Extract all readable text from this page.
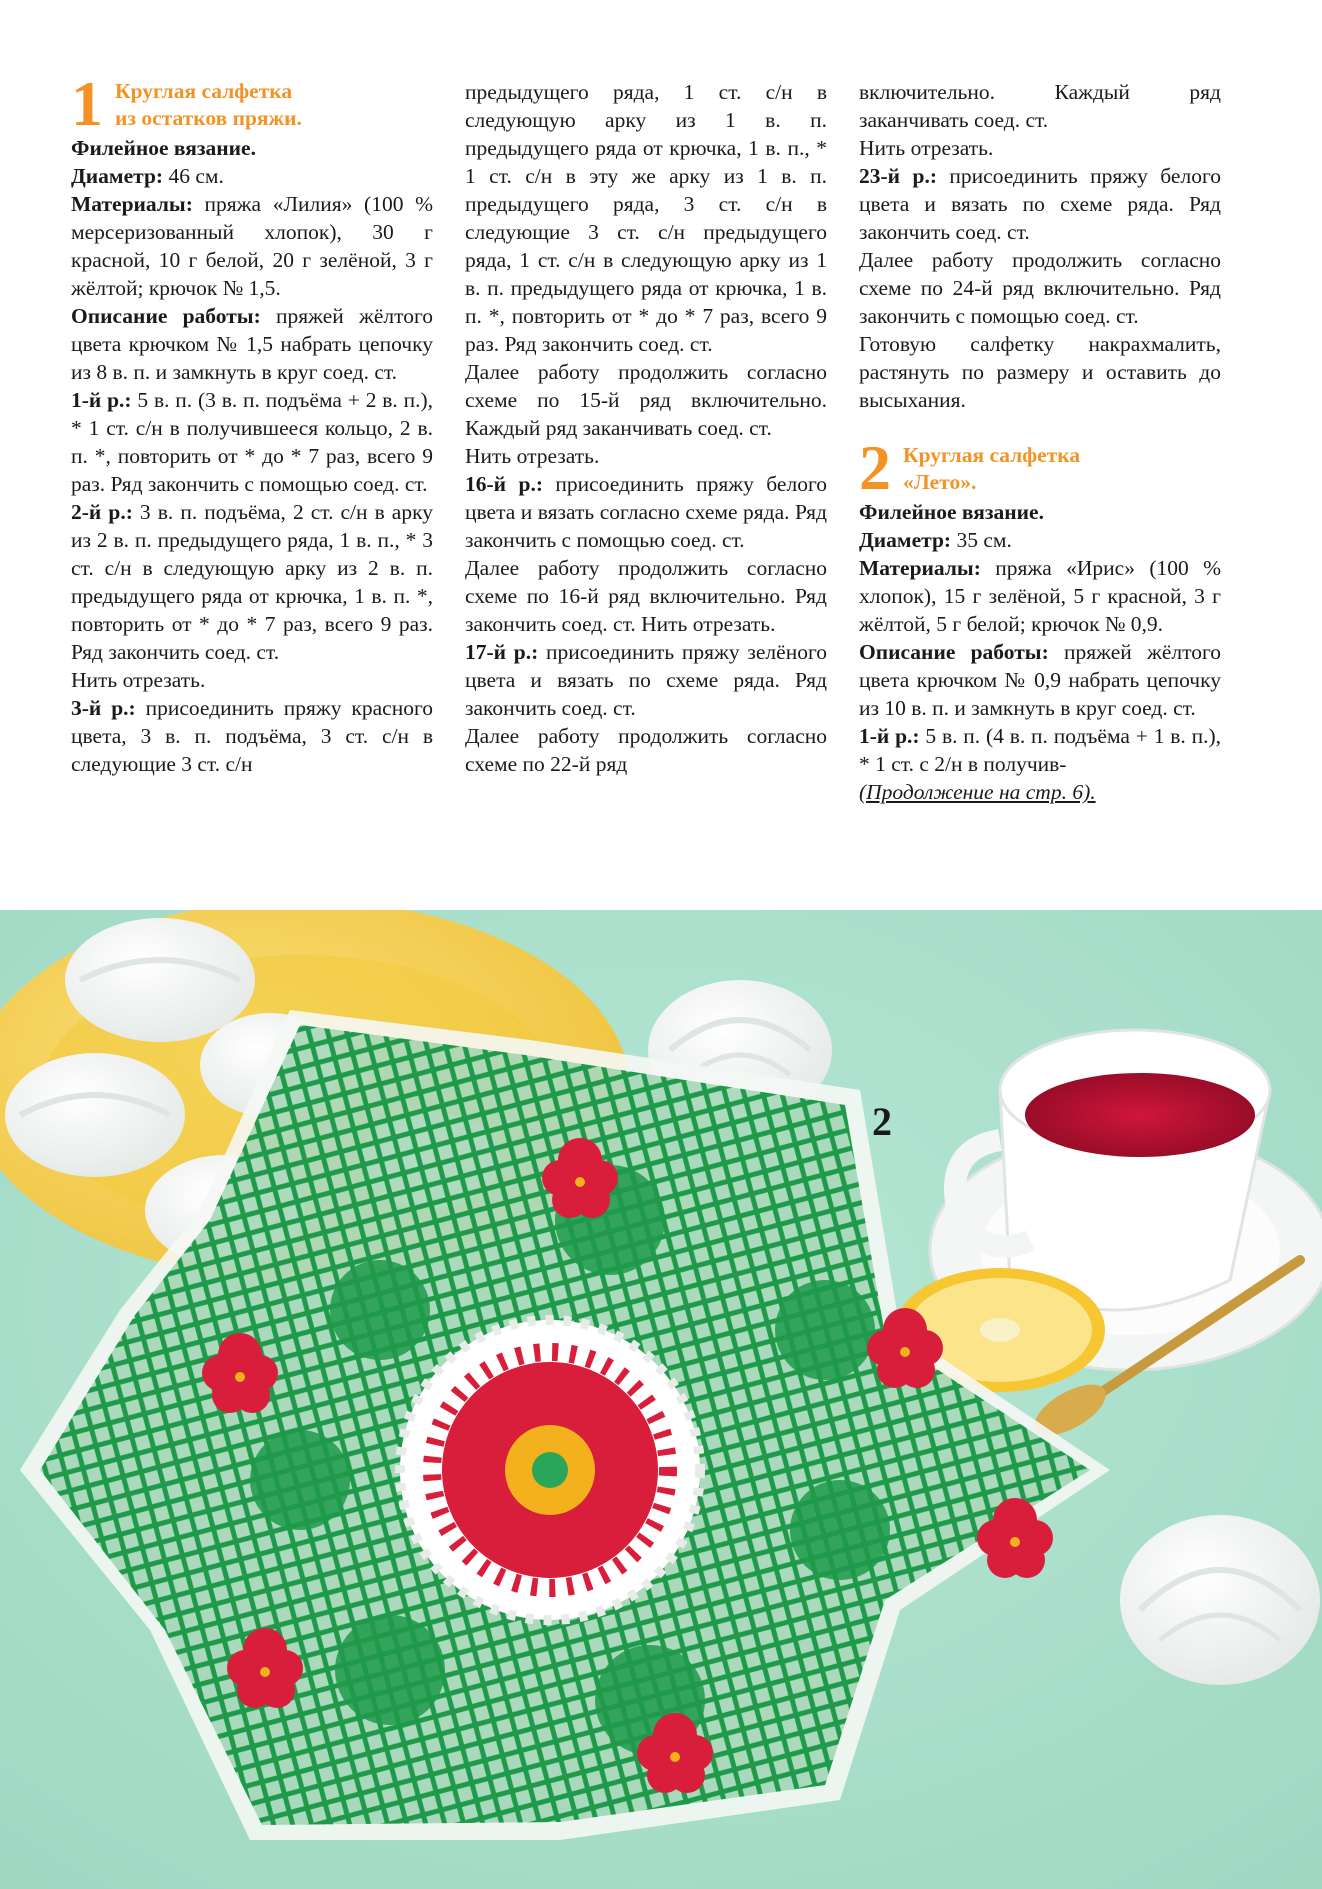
1 Круглая салфетка
из остатков пряжи.

Филейное вязание.

Диаметр: 46 см.

Материалы: пряжа «Лилия» (100 % мерсеризованный хлопок), 30 г красной, 10 г белой, 20 г зелёной, 3 г жёлтой; крючок № 1,5.

Описание работы: пряжей жёлтого цвета крючком № 1,5 набрать цепочку из 8 в. п. и замкнуть в круг соед. ст.

1-й р.: 5 в. п. (3 в. п. подъёма + 2 в. п.), * 1 ст. с/н в получившееся кольцо, 2 в. п. *, повторить от * до * 7 раз, всего 9 раз. Ряд закончить с помощью соед. ст.

2-й р.: 3 в. п. подъёма, 2 ст. с/н в арку из 2 в. п. предыдущего ряда, 1 в. п., * 3 ст. с/н в следующую арку из 2 в. п. предыдущего ряда от крючка, 1 в. п. *, повторить от * до * 7 раз, всего 9 раз. Ряд закончить соед. ст.

Нить отрезать.

3-й р.: присоединить пряжу красного цвета, 3 в. п. подъёма, 3 ст. с/н в следующие 3 ст. с/н

предыдущего ряда, 1 ст. с/н в следующую арку из 1 в. п. предыдущего ряда от крючка, 1 в. п., * 1 ст. с/н в эту же арку из 1 в. п. предыдущего ряда, 3 ст. с/н в следующие 3 ст. с/н предыдущего ряда, 1 ст. с/н в следующую арку из 1 в. п. предыдущего ряда от крючка, 1 в. п. *, повторить от * до * 7 раз, всего 9 раз. Ряд закончить соед. ст.

Далее работу продолжить согласно схеме по 15-й ряд включительно. Каждый ряд заканчивать соед. ст.

Нить отрезать.

16-й р.: присоединить пряжу белого цвета и вязать согласно схеме ряда. Ряд закончить с помощью соед. ст.

Далее работу продолжить согласно схеме по 16-й ряд включительно. Ряд закончить соед. ст. Нить отрезать.

17-й р.: присоединить пряжу зелёного цвета и вязать по схеме ряда. Ряд закончить соед. ст.

Далее работу продолжить согласно схеме по 22-й ряд

включительно. Каждый ряд заканчивать соед. ст.

Нить отрезать.

23-й р.: присоединить пряжу белого цвета и вязать по схеме ряда. Ряд закончить соед. ст.

Далее работу продолжить согласно схеме по 24-й ряд включительно. Ряд закончить с помощью соед. ст.

Готовую салфетку накрахмалить, растянуть по размеру и оставить до высыхания.

2 Круглая салфетка
«Лето».

Филейное вязание.

Диаметр: 35 см.

Материалы: пряжа «Ирис» (100 % хлопок), 15 г зелёной, 5 г красной, 3 г жёлтой, 5 г белой; крючок № 0,9.

Описание работы: пряжей жёлтого цвета крючком № 0,9 набрать цепочку из 10 в. п. и замкнуть в круг соед. ст.

1-й р.: 5 в. п. (4 в. п. подъёма + 1 в. п.), * 1 ст. с 2/н в получив-

(Продолжение на стр. 6).

2
